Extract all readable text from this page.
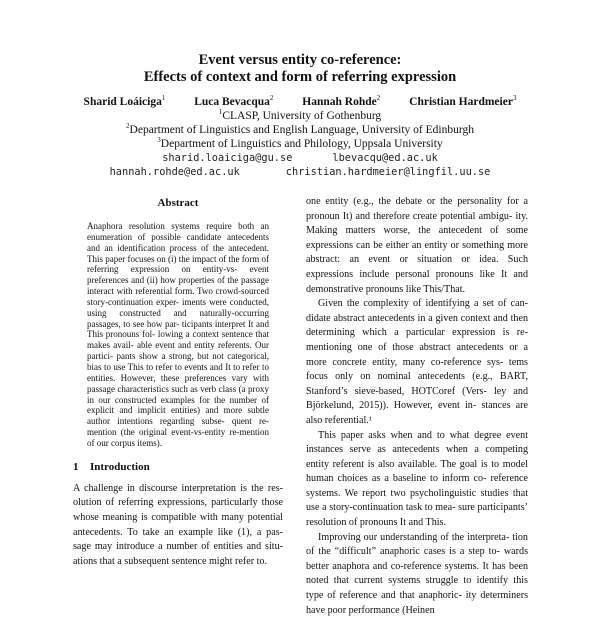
Event versus entity co-reference:
Effects of context and form of referring expression
Sharid Loáiciga$^1$	Luca Bevacqua$^2$	Hannah Rohde$^2$	Christian Hardmeier$^3$
$^1$CLASP, University of Gothenburg
$^2$Department of Linguistics and English Language, University of Edinburgh
$^3$Department of Linguistics and Philology, Uppsala University
sharid.loaiciga@gu.se	lbevacqu@ed.ac.uk
hannah.rohde@ed.ac.uk	christian.hardmeier@lingfil.uu.se
Abstract
Anaphora resolution systems require both an enumeration of possible candidate antecedents and an identification process of the antecedent. This paper focuses on (i) the impact of the form of referring expression on entity-vs- event preferences and (ii) how properties of the passage interact with referential form. Two crowd-sourced story-continuation exper- iments were conducted, using constructed and naturally-occurring passages, to see how par- ticipants interpret It and This pronouns fol- lowing a context sentence that makes avail- able event and entity referents. Our partici- pants show a strong, but not categorical, bias to use This to refer to events and It to refer to entities. However, these preferences vary with passage characteristics such as verb class (a proxy in our constructed examples for the number of explicit and implicit entities) and more subtle author intentions regarding subse- quent re-mention (the original event-vs-entity re-mention of our corpus items).
1 Introduction

A challenge in discourse interpretation is the res- olution of referring expressions, particularly those whose meaning is compatible with many potential antecedents. To take an example like (1), a pas- sage may introduce a number of entities and situ- ations that a subsequent sentence might refer to.

one entity (e.g., the debate or the personality for a pronoun It) and therefore create potential ambigu- ity. Making matters worse, the antecedent of some expressions can be either an entity or something more abstract: an event or situation or idea. Such expressions include personal pronouns like It and demonstrative pronouns like This/That.

Given the complexity of identifying a set of can- didate abstract antecedents in a given context and then determining which a particular expression is re-mentioning one of those abstract antecedents or a more concrete entity, many co-reference sys- tems focus only on nominal antecedents (e.g., BART, Stanford’s sieve-based, HOTCoref (Vers- ley and Björkelund, 2015)). However, event in- stances are also referential.¹

This paper asks when and to what degree event instances serve as antecedents when a competing entity referent is also available. The goal is to model human choices as a baseline to inform co- reference systems. We report two psycholinguistic studies that use a story-continuation task to mea- sure participants’ resolution of pronouns It and This.

Improving our understanding of the interpreta- tion of the “difficult” anaphoric cases is a step to- wards better anaphora and co-reference systems. It has been noted that current systems struggle to identify this type of reference and that anaphoric- ity determiners have poor performance (Heinen
